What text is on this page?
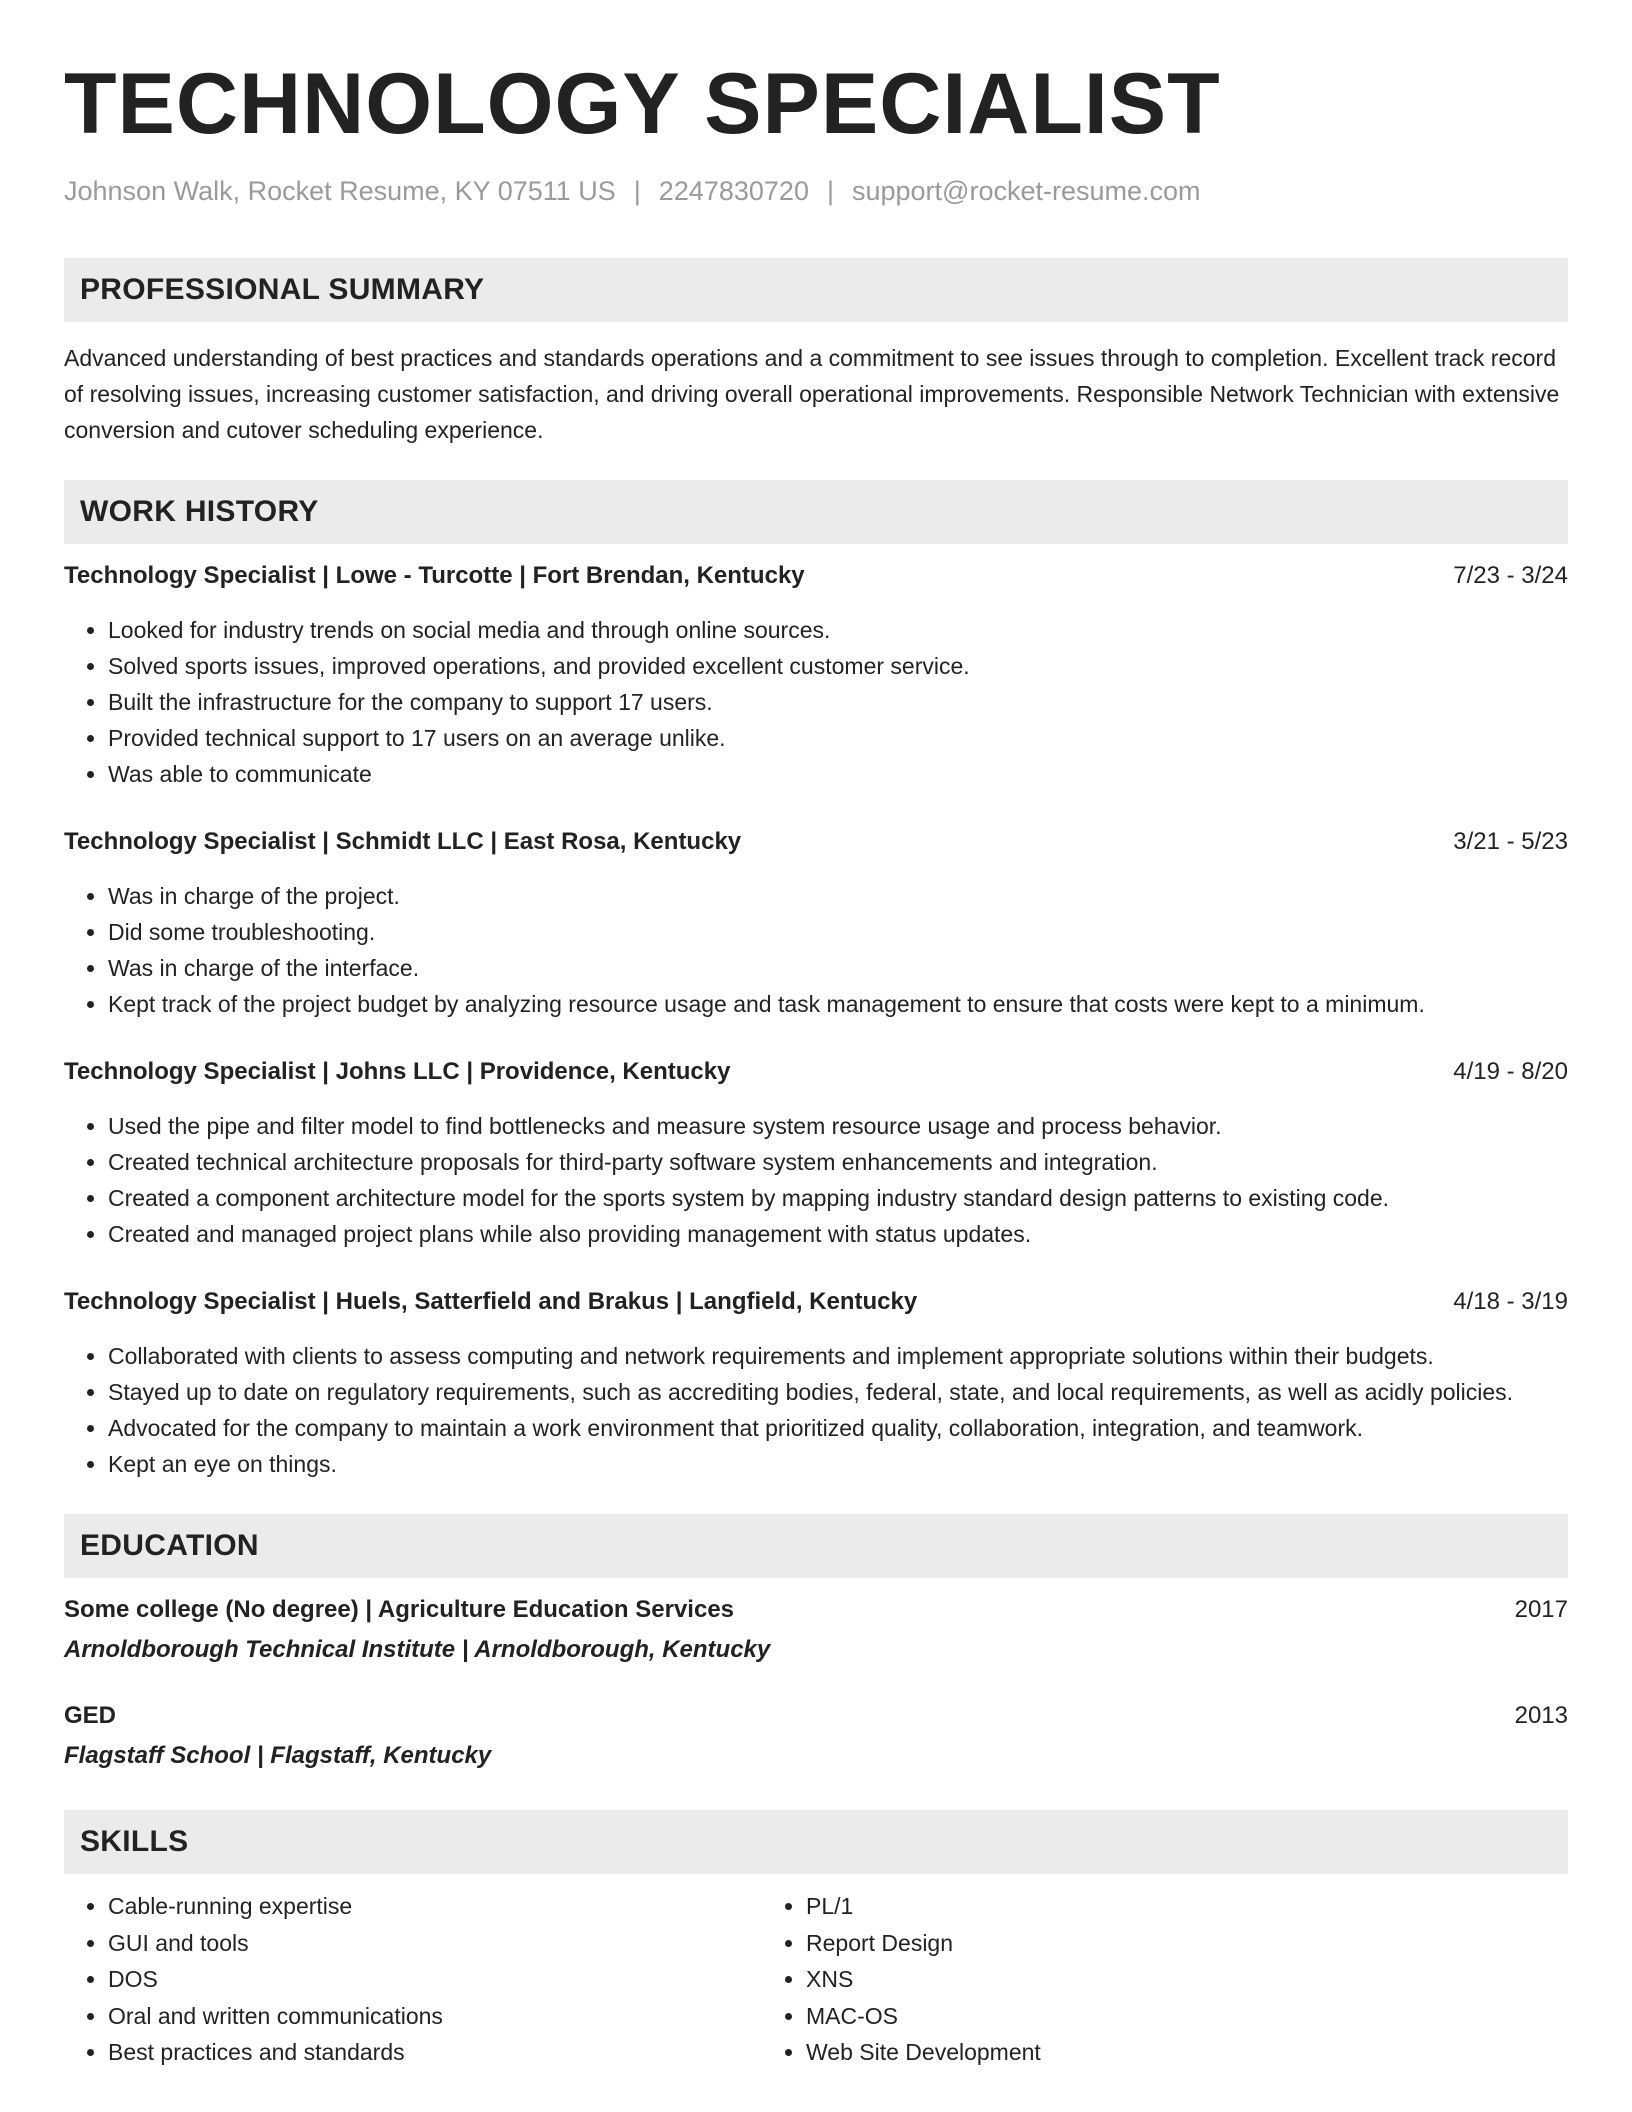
TECHNOLOGY SPECIALIST
Johnson Walk, Rocket Resume, KY 07511 US | 2247830720 | support@rocket-resume.com
PROFESSIONAL SUMMARY
Advanced understanding of best practices and standards operations and a commitment to see issues through to completion. Excellent track record of resolving issues, increasing customer satisfaction, and driving overall operational improvements. Responsible Network Technician with extensive conversion and cutover scheduling experience.
WORK HISTORY
Technology Specialist | Lowe - Turcotte | Fort Brendan, Kentucky	7/23 - 3/24
• Looked for industry trends on social media and through online sources.
• Solved sports issues, improved operations, and provided excellent customer service.
• Built the infrastructure for the company to support 17 users.
• Provided technical support to 17 users on an average unlike.
• Was able to communicate
Technology Specialist | Schmidt LLC | East Rosa, Kentucky	3/21 - 5/23
• Was in charge of the project.
• Did some troubleshooting.
• Was in charge of the interface.
• Kept track of the project budget by analyzing resource usage and task management to ensure that costs were kept to a minimum.
Technology Specialist | Johns LLC | Providence, Kentucky	4/19 - 8/20
• Used the pipe and filter model to find bottlenecks and measure system resource usage and process behavior.
• Created technical architecture proposals for third-party software system enhancements and integration.
• Created a component architecture model for the sports system by mapping industry standard design patterns to existing code.
• Created and managed project plans while also providing management with status updates.
Technology Specialist | Huels, Satterfield and Brakus | Langfield, Kentucky	4/18 - 3/19
• Collaborated with clients to assess computing and network requirements and implement appropriate solutions within their budgets.
• Stayed up to date on regulatory requirements, such as accrediting bodies, federal, state, and local requirements, as well as acidly policies.
• Advocated for the company to maintain a work environment that prioritized quality, collaboration, integration, and teamwork.
• Kept an eye on things.
EDUCATION
Some college (No degree) | Agriculture Education Services	2017
Arnoldborough Technical Institute | Arnoldborough, Kentucky
GED	2013
Flagstaff School | Flagstaff, Kentucky
SKILLS
• Cable-running expertise
• GUI and tools
• DOS
• Oral and written communications
• Best practices and standards
• PL/1
• Report Design
• XNS
• MAC-OS
• Web Site Development
